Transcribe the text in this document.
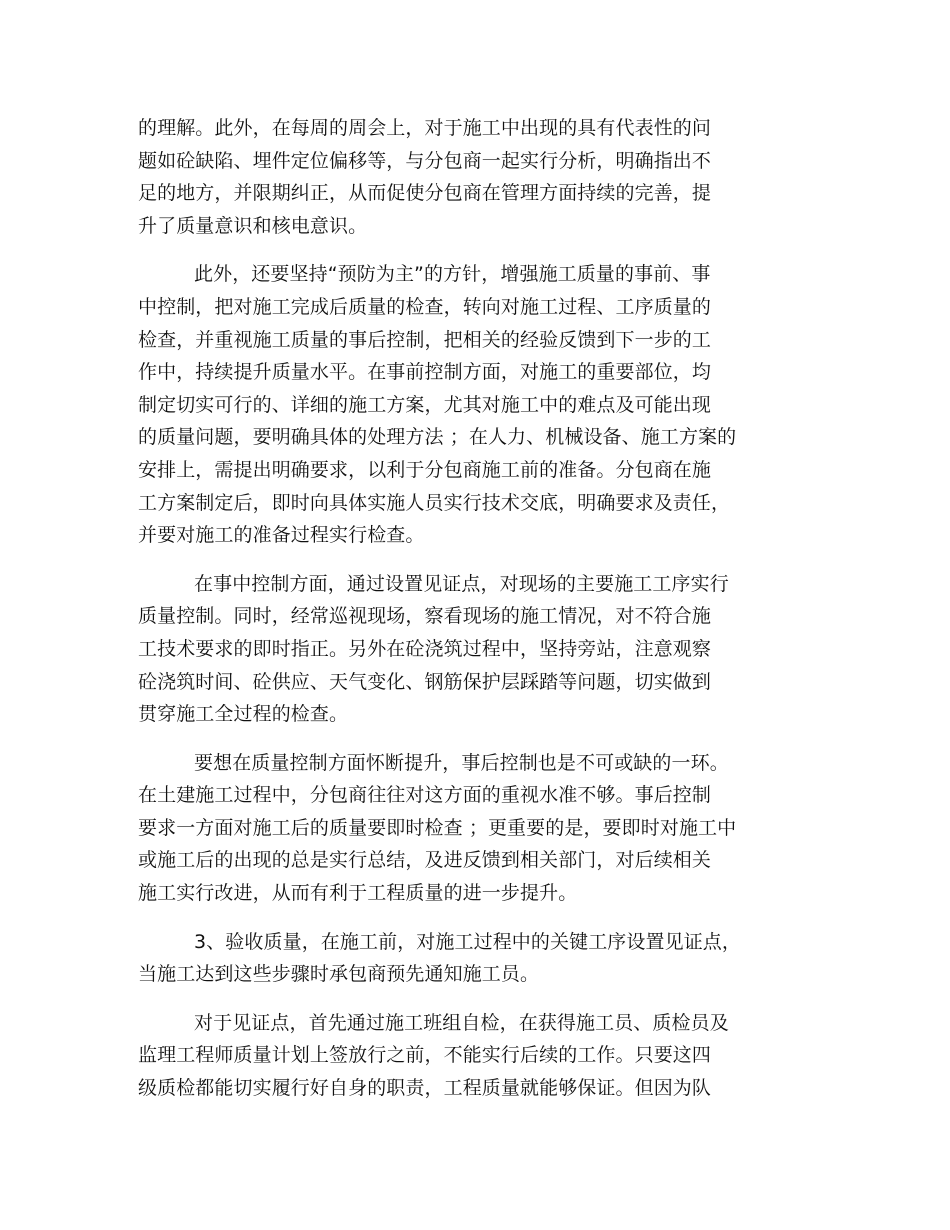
的理解。此外，在每周的周会上，对于施工中出现的具有代表性的问
题如砼缺陷、埋件定位偏移等，与分包商一起实行分析，明确指出不
足的地方，并限期纠正，从而促使分包商在管理方面持续的完善，提
升了质量意识和核电意识。
此外，还要坚持“预防为主”的方针，增强施工质量的事前、事
中控制，把对施工完成后质量的检查，转向对施工过程、工序质量的
检查，并重视施工质量的事后控制，把相关的经验反馈到下一步的工
作中，持续提升质量水平。在事前控制方面，对施工的重要部位，均
制定切实可行的、详细的施工方案，尤其对施工中的难点及可能出现
的质量问题，要明确具体的处理方法 ；在人力、机械设备、施工方案的
安排上，需提出明确要求，以利于分包商施工前的准备。分包商在施
工方案制定后，即时向具体实施人员实行技术交底，明确要求及责任，
并要对施工的准备过程实行检查。
在事中控制方面，通过设置见证点，对现场的主要施工工序实行
质量控制。同时，经常巡视现场，察看现场的施工情况，对不符合施
工技术要求的即时指正。另外在砼浇筑过程中，坚持旁站，注意观察
砼浇筑时间、砼供应、天气变化、钢筋保护层踩踏等问题，切实做到
贯穿施工全过程的检查。
要想在质量控制方面怀断提升，事后控制也是不可或缺的一环。
在土建施工过程中，分包商往往对这方面的重视水准不够。事后控制
要求一方面对施工后的质量要即时检查 ；更重要的是，要即时对施工中
或施工后的出现的总是实行总结，及进反馈到相关部门，对后续相关
施工实行改进，从而有利于工程质量的进一步提升。
3、验收质量，在施工前，对施工过程中的关键工序设置见证点，
当施工达到这些步骤时承包商预先通知施工员。
对于见证点，首先通过施工班组自检，在获得施工员、质检员及
监理工程师质量计划上签放行之前，不能实行后续的工作。只要这四
级质检都能切实履行好自身的职责，工程质量就能够保证。但因为队
